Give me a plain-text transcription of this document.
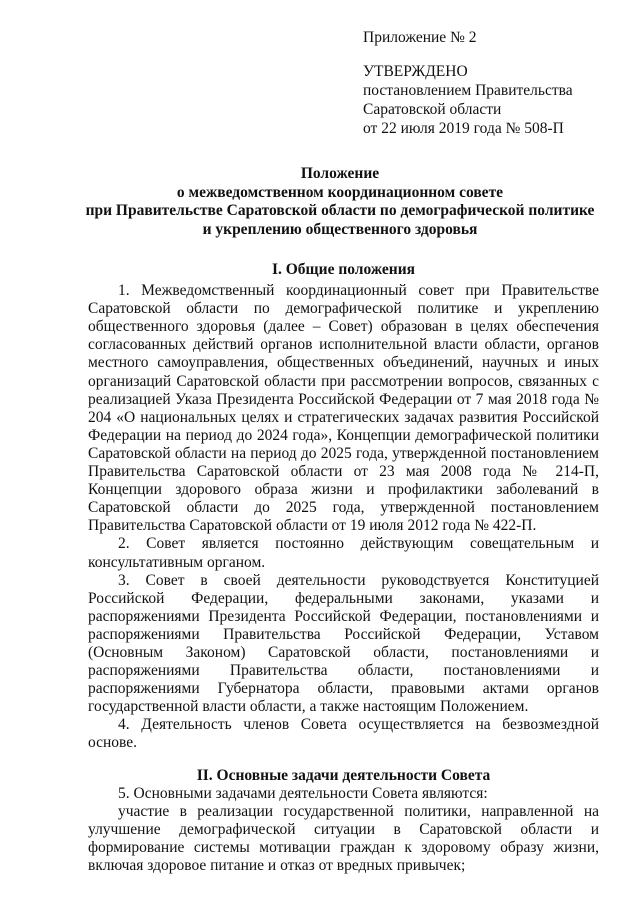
Приложение № 2
УТВЕРЖДЕНО
постановлением Правительства
Саратовской области
от 22 июля 2019 года № 508-П
Положение
о межведомственном координационном совете
при Правительстве Саратовской области по демографической политике
и укреплению общественного здоровья

I. Общие положения

1. Межведомственный координационный совет при Правительстве Саратовской области по демографической политике и укреплению общественного здоровья (далее – Совет) образован в целях обеспечения согласованных действий органов исполнительной власти области, органов местного самоуправления, общественных объединений, научных и иных организаций Саратовской области при рассмотрении вопросов, связанных с реализацией Указа Президента Российской Федерации от 7 мая 2018 года № 204 «О национальных целях и стратегических задачах развития Российской Федерации на период до 2024 года», Концепции демографической политики Саратовской области на период до 2025 года, утвержденной постановлением Правительства Саратовской области от 23 мая 2008 года № 214-П, Концепции здорового образа жизни и профилактики заболеваний в Саратовской области до 2025 года, утвержденной постановлением Правительства Саратовской области от 19 июля 2012 года № 422-П.

2. Совет является постоянно действующим совещательным и консультативным органом.

3. Совет в своей деятельности руководствуется Конституцией Российской Федерации, федеральными законами, указами и распоряжениями Президента Российской Федерации, постановлениями и распоряжениями Правительства Российской Федерации, Уставом (Основным Законом) Саратовской области, постановлениями и распоряжениями Правительства области, постановлениями и распоряжениями Губернатора области, правовыми актами органов государственной власти области, а также настоящим Положением.

4. Деятельность членов Совета осуществляется на безвозмездной основе.

II. Основные задачи деятельности Совета

5. Основными задачами деятельности Совета являются:

участие в реализации государственной политики, направленной на улучшение демографической ситуации в Саратовской области и формирование системы мотивации граждан к здоровому образу жизни, включая здоровое питание и отказ от вредных привычек;
